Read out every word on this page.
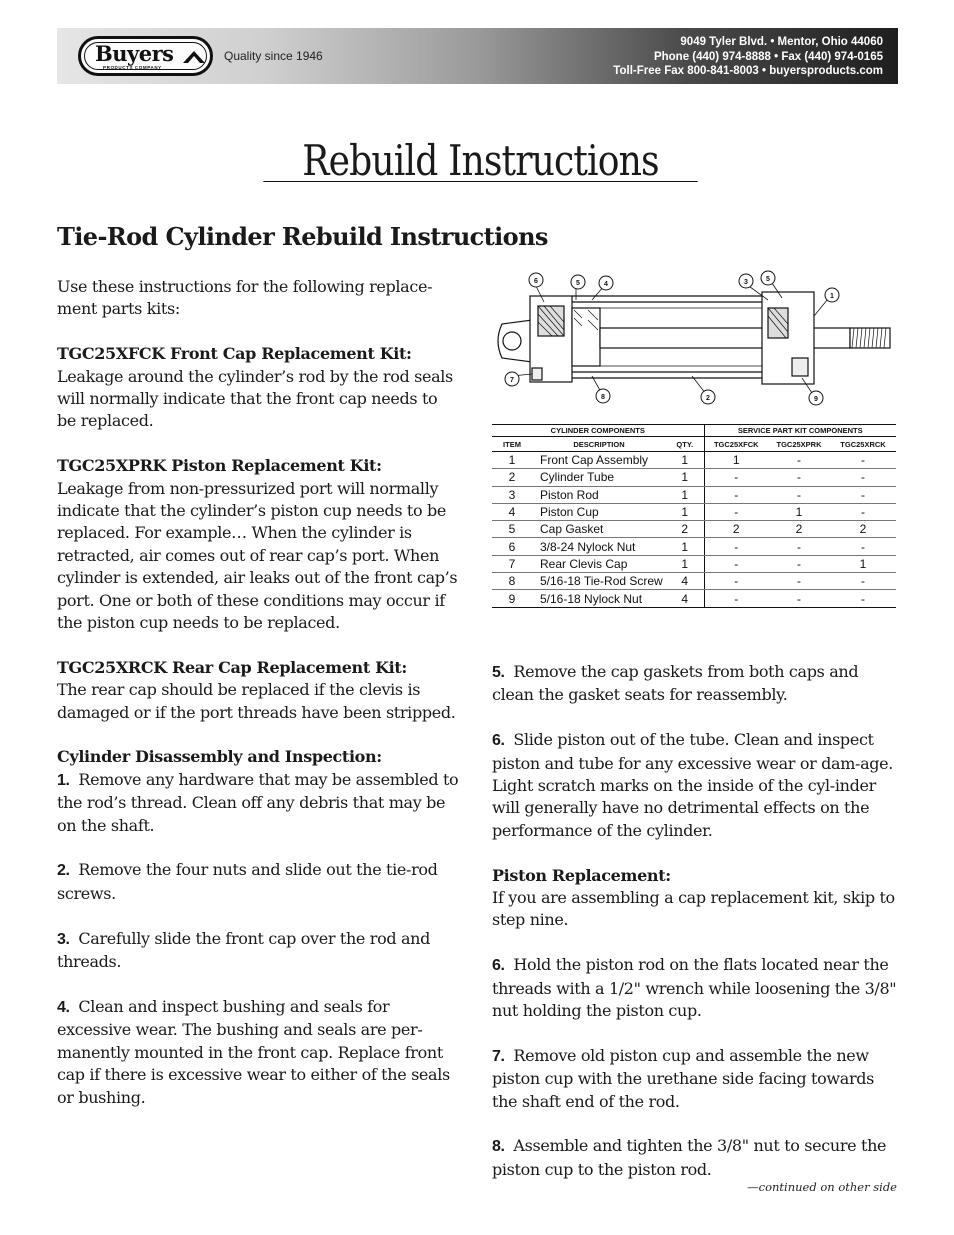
Buyers
PRODUCTS COMPANY
Quality since 1946
9049 Tyler Blvd. • Mentor, Ohio 44060
Phone (440) 974-8888 • Fax (440) 974-0165
Toll-Free Fax 800-841-8003 • buyersproducts.com
Rebuild Instructions
Tie-Rod Cylinder Rebuild Instructions

Use these instructions for the following replace-ment parts kits:

TGC25XFCK Front Cap Replacement Kit:
Leakage around the cylinder’s rod by the rod seals will normally indicate that the front cap needs to be replaced.
TGC25XPRK Piston Replacement Kit:
Leakage from non-pressurized port will normally indicate that the cylinder’s piston cup needs to be replaced. For example… When the cylinder is retracted, air comes out of rear cap’s port. When cylinder is extended, air leaks out of the front cap’s port. One or both of these conditions may occur if the piston cup needs to be replaced.
TGC25XRCK Rear Cap Replacement Kit:
The rear cap should be replaced if the clevis is damaged or if the port threads have been stripped.
Cylinder Disassembly and Inspection:
1. Remove any hardware that may be assembled to the rod’s thread. Clean off any debris that may be on the shaft.
2. Remove the four nuts and slide out the tie-rod screws.
3. Carefully slide the front cap over the rod and threads.
4. Clean and inspect bushing and seals for excessive wear. The bushing and seals are per-manently mounted in the front cap. Replace front cap if there is excessive wear to either of the seals or bushing.
6	5	4	3	5
1
7
8	2	9
CYLINDER COMPONENTS			SERVICE PART KIT COMPONENTS		
ITEM	DESCRIPTION	QTY.	TGC25XFCK	TGC25XPRK	TGC25XRCK
1	Front Cap Assembly	1	1	-	-
2	Cylinder Tube	1	-	-	-
3	Piston Rod	1	-	-	-
4	Piston Cup	1	-	1	-
5	Cap Gasket	2	2	2	2
6	3/8-24 Nylock Nut	1	-	-	-
7	Rear Clevis Cap	1	-	-	1
8	5/16-18 Tie-Rod Screw	4	-	-	-
9	5/16-18 Nylock Nut	4	-	-	-
5. Remove the cap gaskets from both caps and clean the gasket seats for reassembly.
6. Slide piston out of the tube. Clean and inspect piston and tube for any excessive wear or dam-age. Light scratch marks on the inside of the cyl-inder will generally have no detrimental effects on the performance of the cylinder.
Piston Replacement:
If you are assembling a cap replacement kit, skip to step nine.
6. Hold the piston rod on the flats located near the threads with a 1/2" wrench while loosening the 3/8" nut holding the piston cup.
7. Remove old piston cup and assemble the new piston cup with the urethane side facing towards the shaft end of the rod.
8. Assemble and tighten the 3/8" nut to secure the piston cup to the piston rod.
—continued on other side
